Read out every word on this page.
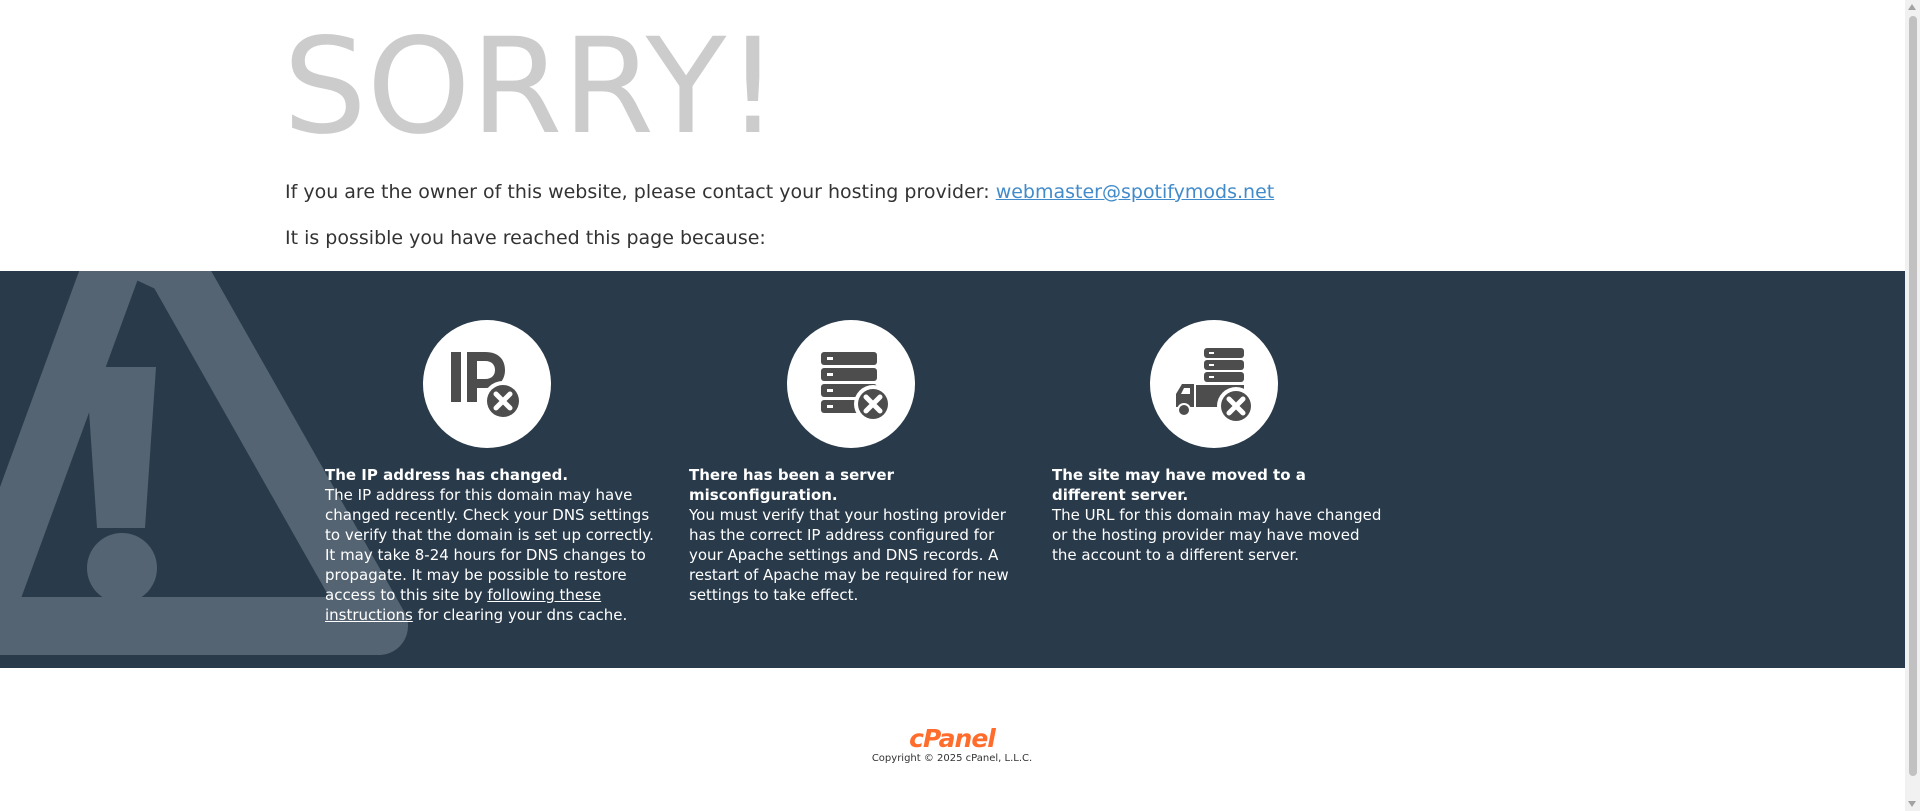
SORRY!

If you are the owner of this website, please contact your hosting provider: webmaster@spotifymods.net

It is possible you have reached this page because:

The IP address has changed.
The IP address for this domain may have changed recently. Check your DNS settings to verify that the domain is set up correctly. It may take 8-24 hours for DNS changes to propagate. It may be possible to restore access to this site by following these instructions for clearing your dns cache.
There has been a server misconfiguration.
You must verify that your hosting provider has the correct IP address configured for your Apache settings and DNS records. A restart of Apache may be required for new settings to take effect.
The site may have moved to a different server.
The URL for this domain may have changed or the hosting provider may have moved the account to a different server.
cPanel
Copyright © 2025 cPanel, L.L.C.
